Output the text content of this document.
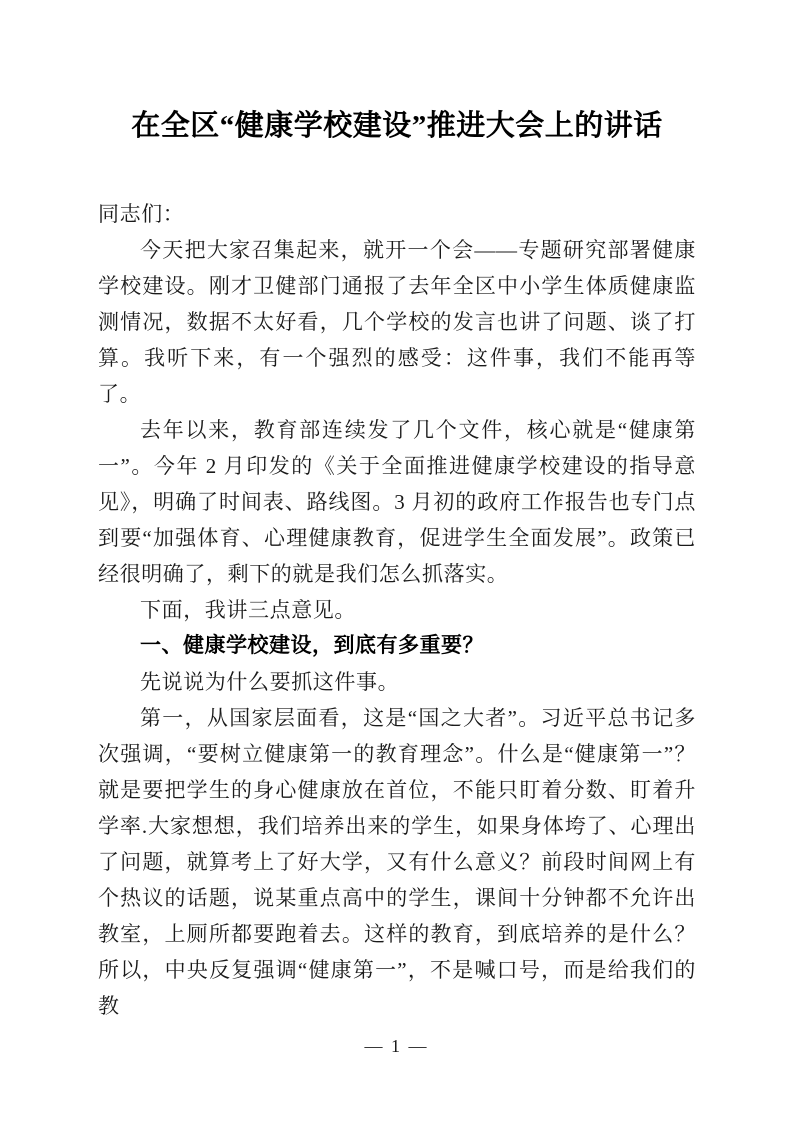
在全区“健康学校建设”推进大会上的讲话

同志们：

今天把大家召集起来，就开一个会——专题研究部署健康学校建设。刚才卫健部门通报了去年全区中小学生体质健康监测情况，数据不太好看，几个学校的发言也讲了问题、谈了打算。我听下来，有一个强烈的感受：这件事，我们不能再等了。

去年以来，教育部连续发了几个文件，核心就是“健康第一”。今年 2 月印发的《关于全面推进健康学校建设的指导意见》，明确了时间表、路线图。3 月初的政府工作报告也专门点到要“加强体育、心理健康教育，促进学生全面发展”。政策已经很明确了，剩下的就是我们怎么抓落实。

下面，我讲三点意见。

一、健康学校建设，到底有多重要？

先说说为什么要抓这件事。

第一，从国家层面看，这是“国之大者”。习近平总书记多次强调，“要树立健康第一的教育理念”。什么是“健康第一”？就是要把学生的身心健康放在首位，不能只盯着分数、盯着升学率.大家想想，我们培养出来的学生，如果身体垮了、心理出了问题，就算考上了好大学，又有什么意义？前段时间网上有个热议的话题，说某重点高中的学生，课间十分钟都不允许出教室，上厕所都要跑着去。这样的教育，到底培养的是什么？所以，中央反复强调“健康第一”，不是喊口号，而是给我们的教

— 1 —
